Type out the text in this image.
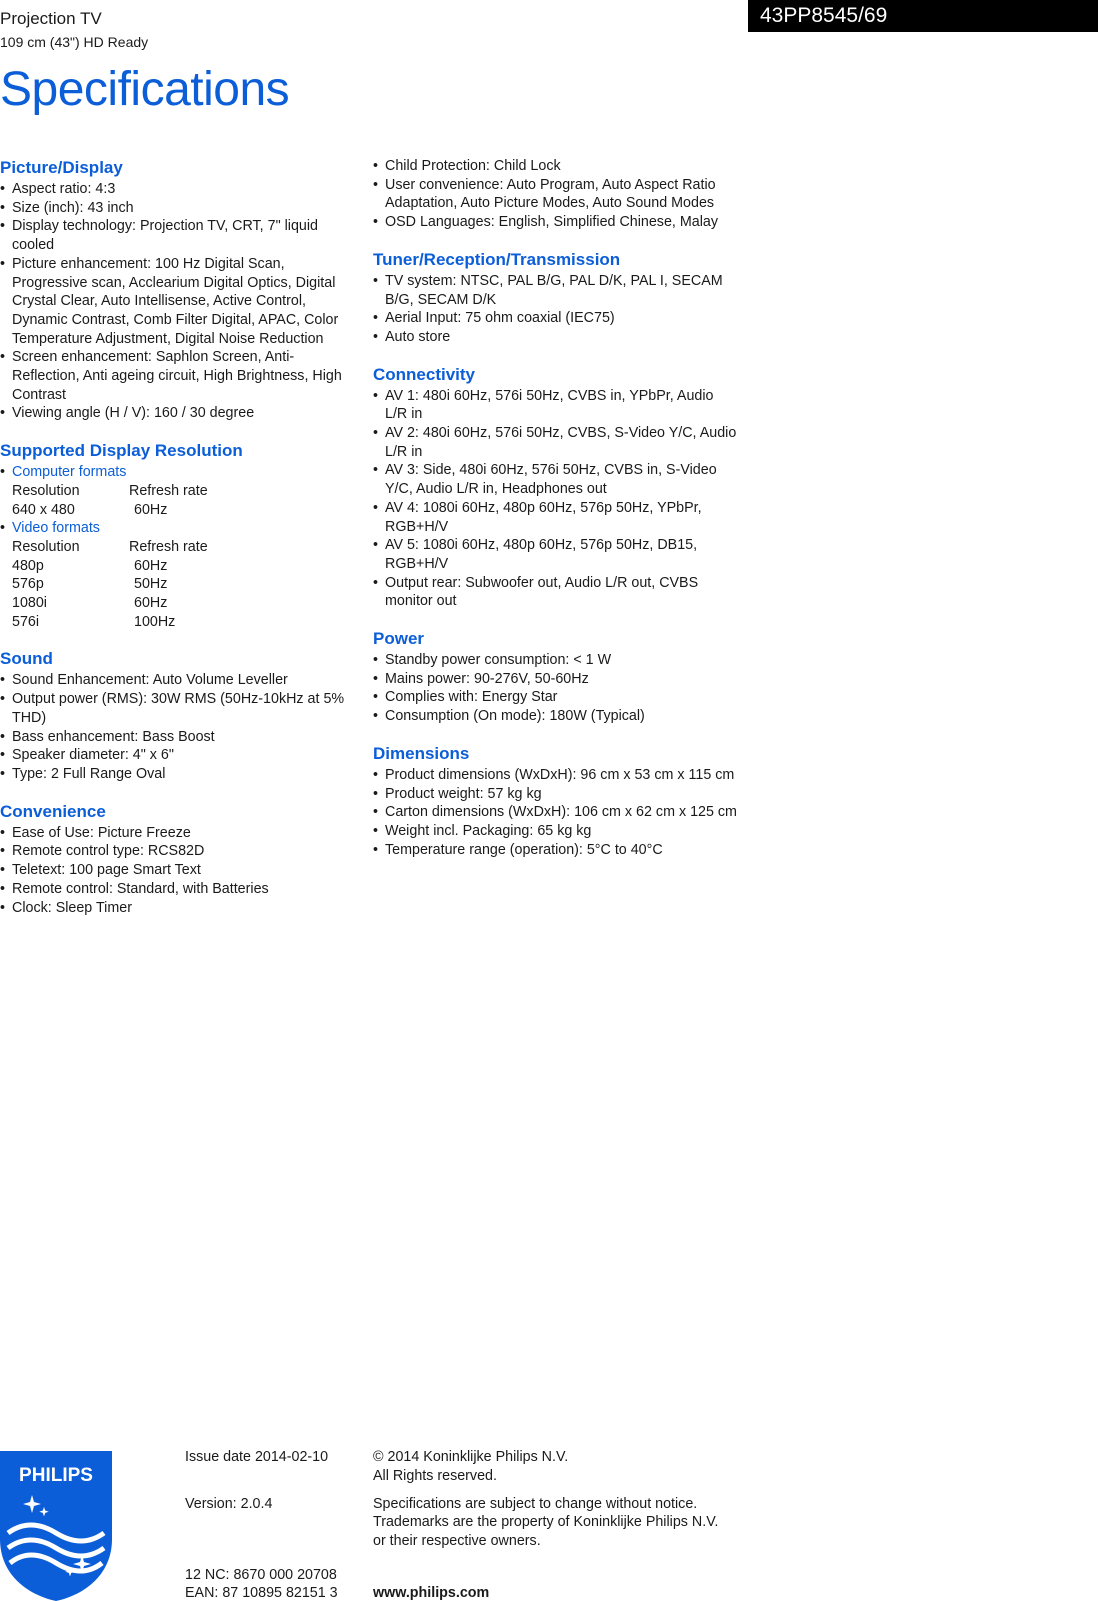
Projection TV
109 cm (43") HD Ready
43PP8545/69
Specifications
Picture/Display
• Aspect ratio: 4:3
• Size (inch): 43 inch
• Display technology: Projection TV, CRT, 7" liquid cooled
• Picture enhancement: 100 Hz Digital Scan, Progressive scan, Acclearium Digital Optics, Digital Crystal Clear, Auto Intellisense, Active Control, Dynamic Contrast, Comb Filter Digital, APAC, Color Temperature Adjustment, Digital Noise Reduction
• Screen enhancement: Saphlon Screen, Anti-Reflection, Anti ageing circuit, High Brightness, High Contrast
• Viewing angle (H / V): 160 / 30 degree
Supported Display Resolution
• Computer formats
Resolution	Refresh rate
640 x 480	60Hz
• Video formats
Resolution	Refresh rate
480p	60Hz
576p	50Hz
1080i	60Hz
576i	100Hz
Sound
• Sound Enhancement: Auto Volume Leveller
• Output power (RMS): 30W RMS (50Hz-10kHz at 5% THD)
• Bass enhancement: Bass Boost
• Speaker diameter: 4" x 6"
• Type: 2 Full Range Oval
Convenience
• Ease of Use: Picture Freeze
• Remote control type: RCS82D
• Teletext: 100 page Smart Text
• Remote control: Standard, with Batteries
• Clock: Sleep Timer
• Child Protection: Child Lock
• User convenience: Auto Program, Auto Aspect Ratio Adaptation, Auto Picture Modes, Auto Sound Modes
• OSD Languages: English, Simplified Chinese, Malay
Tuner/Reception/Transmission
• TV system: NTSC, PAL B/G, PAL D/K, PAL I, SECAM B/G, SECAM D/K
• Aerial Input: 75 ohm coaxial (IEC75)
• Auto store
Connectivity
• AV 1: 480i 60Hz, 576i 50Hz, CVBS in, YPbPr, Audio L/R in
• AV 2: 480i 60Hz, 576i 50Hz, CVBS, S-Video Y/C, Audio L/R in
• AV 3: Side, 480i 60Hz, 576i 50Hz, CVBS in, S-Video Y/C, Audio L/R in, Headphones out
• AV 4: 1080i 60Hz, 480p 60Hz, 576p 50Hz, YPbPr, RGB+H/V
• AV 5: 1080i 60Hz, 480p 60Hz, 576p 50Hz, DB15, RGB+H/V
• Output rear: Subwoofer out, Audio L/R out, CVBS monitor out
Power
• Standby power consumption: < 1 W
• Mains power: 90-276V, 50-60Hz
• Complies with: Energy Star
• Consumption (On mode): 180W (Typical)
Dimensions
• Product dimensions (WxDxH): 96 cm x 53 cm x 115 cm
• Product weight: 57 kg kg
• Carton dimensions (WxDxH): 106 cm x 62 cm x 125 cm
• Weight incl. Packaging: 65 kg kg
• Temperature range (operation): 5°C to 40°C
PHILIPS
Issue date 2014-02-10
Version: 2.0.4
12 NC: 8670 000 20708
EAN: 87 10895 82151 3
© 2014 Koninklijke Philips N.V.
All Rights reserved.
Specifications are subject to change without notice.
Trademarks are the property of Koninklijke Philips N.V.
or their respective owners.
www.philips.com
